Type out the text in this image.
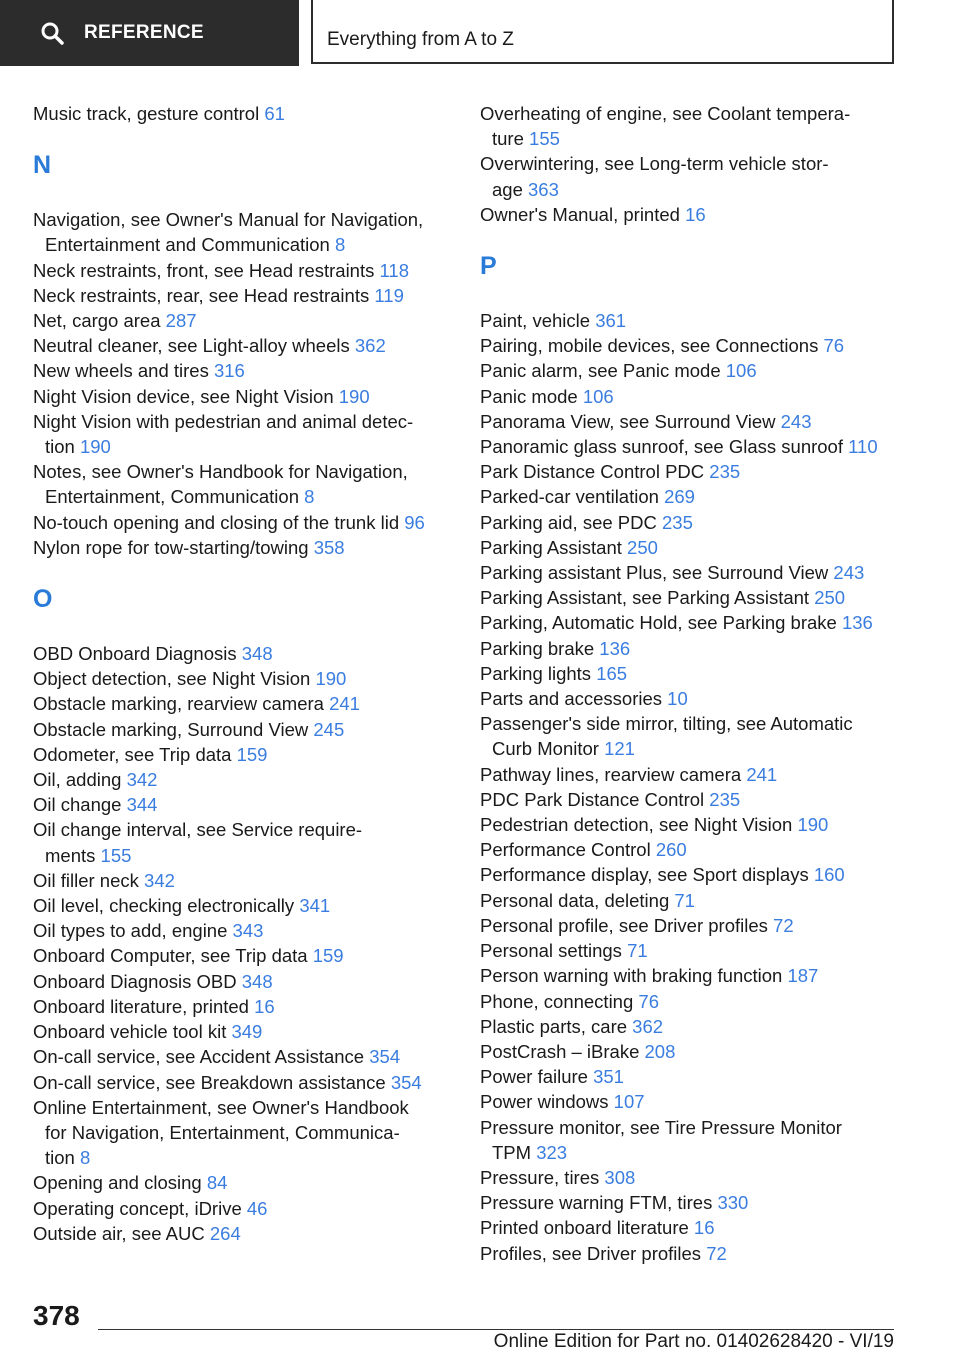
REFERENCE	Everything from A to Z
Music track, gesture control 61
N
Navigation, see Owner's Manual for Navigation,
Entertainment and Communication 8
Neck restraints, front, see Head restraints 118
Neck restraints, rear, see Head restraints 119
Net, cargo area 287
Neutral cleaner, see Light-alloy wheels 362
New wheels and tires 316
Night Vision device, see Night Vision 190
Night Vision with pedestrian and animal detec‐
tion 190
Notes, see Owner's Handbook for Navigation,
Entertainment, Communication 8
No-touch opening and closing of the trunk lid 96
Nylon rope for tow-starting/towing 358
O
OBD Onboard Diagnosis 348
Object detection, see Night Vision 190
Obstacle marking, rearview camera 241
Obstacle marking, Surround View 245
Odometer, see Trip data 159
Oil, adding 342
Oil change 344
Oil change interval, see Service require‐
ments 155
Oil filler neck 342
Oil level, checking electronically 341
Oil types to add, engine 343
Onboard Computer, see Trip data 159
Onboard Diagnosis OBD 348
Onboard literature, printed 16
Onboard vehicle tool kit 349
On-call service, see Accident Assistance 354
On-call service, see Breakdown assistance 354
Online Entertainment, see Owner's Handbook
for Navigation, Entertainment, Communica‐
tion 8
Opening and closing 84
Operating concept, iDrive 46
Outside air, see AUC 264
Overheating of engine, see Coolant tempera‐
ture 155
Overwintering, see Long-term vehicle stor‐
age 363
Owner's Manual, printed 16
P
Paint, vehicle 361
Pairing, mobile devices, see Connections 76
Panic alarm, see Panic mode 106
Panic mode 106
Panorama View, see Surround View 243
Panoramic glass sunroof, see Glass sunroof 110
Park Distance Control PDC 235
Parked-car ventilation 269
Parking aid, see PDC 235
Parking Assistant 250
Parking assistant Plus, see Surround View 243
Parking Assistant, see Parking Assistant 250
Parking, Automatic Hold, see Parking brake 136
Parking brake 136
Parking lights 165
Parts and accessories 10
Passenger's side mirror, tilting, see Automatic
Curb Monitor 121
Pathway lines, rearview camera 241
PDC Park Distance Control 235
Pedestrian detection, see Night Vision 190
Performance Control 260
Performance display, see Sport displays 160
Personal data, deleting 71
Personal profile, see Driver profiles 72
Personal settings 71
Person warning with braking function 187
Phone, connecting 76
Plastic parts, care 362
PostCrash – iBrake 208
Power failure 351
Power windows 107
Pressure monitor, see Tire Pressure Monitor
TPM 323
Pressure, tires 308
Pressure warning FTM, tires 330
Printed onboard literature 16
Profiles, see Driver profiles 72
378
Online Edition for Part no. 01402628420 - VI/19
